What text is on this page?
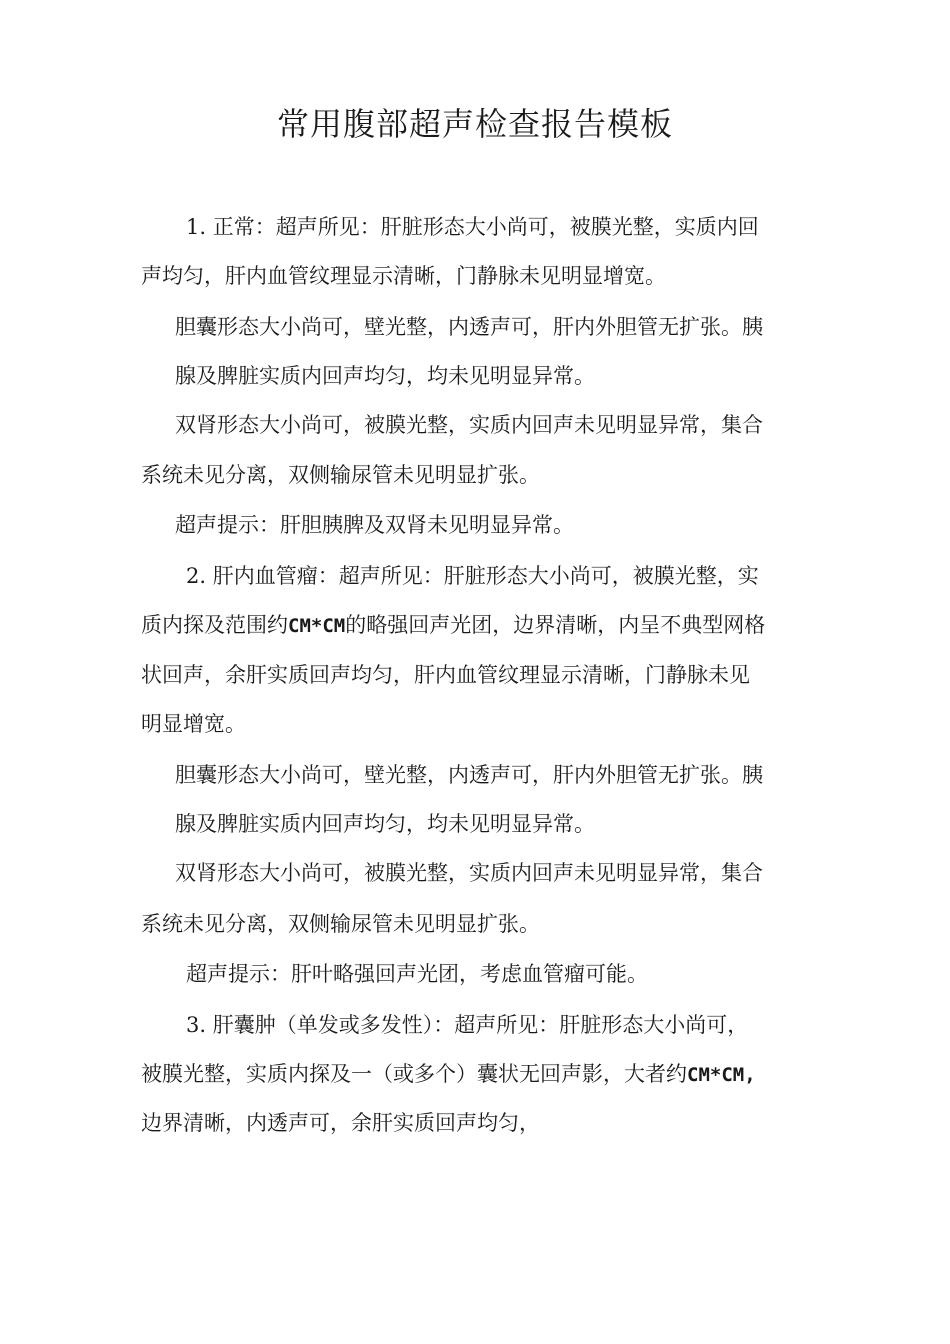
常用腹部超声检查报告模板
1. 正常：超声所见：肝脏形态大小尚可，被膜光整，实质内回
声均匀，肝内血管纹理显示清晰，门静脉未见明显增宽。
胆囊形态大小尚可，壁光整，内透声可，肝内外胆管无扩张。胰
腺及脾脏实质内回声均匀，均未见明显异常。
双肾形态大小尚可，被膜光整，实质内回声未见明显异常，集合
系统未见分离，双侧输尿管未见明显扩张。
超声提示：肝胆胰脾及双肾未见明显异常。
2. 肝内血管瘤：超声所见：肝脏形态大小尚可，被膜光整，实
质内探及范围约CM*CM的略强回声光团，边界清晰，内呈不典型网格
状回声，余肝实质回声均匀，肝内血管纹理显示清晰，门静脉未见
明显增宽。
胆囊形态大小尚可，壁光整，内透声可，肝内外胆管无扩张。胰
腺及脾脏实质内回声均匀，均未见明显异常。
双肾形态大小尚可，被膜光整，实质内回声未见明显异常，集合
系统未见分离，双侧输尿管未见明显扩张。
超声提示：肝叶略强回声光团，考虑血管瘤可能。
3. 肝囊肿（单发或多发性）：超声所见：肝脏形态大小尚可，
被膜光整，实质内探及一（或多个）囊状无回声影，大者约CM*CM,
边界清晰，内透声可，余肝实质回声均匀，
